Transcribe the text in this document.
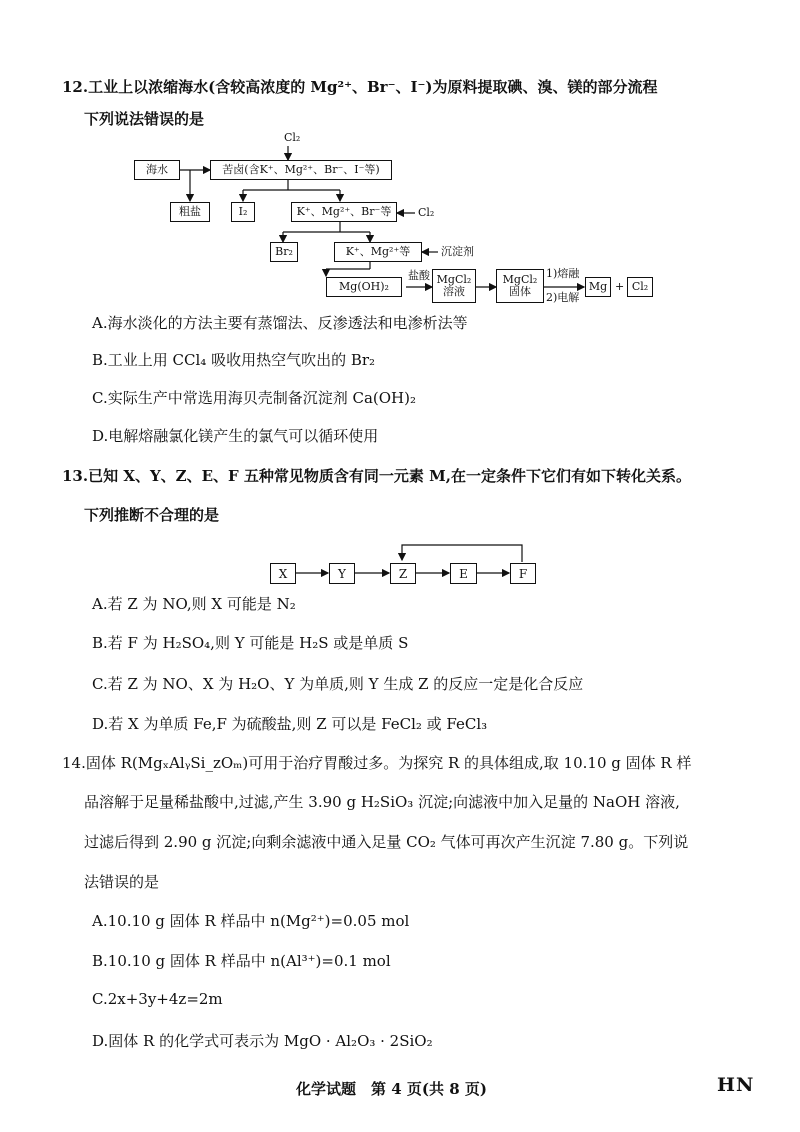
12.工业上以浓缩海水(含较高浓度的 Mg²⁺、Br⁻、I⁻)为原料提取碘、溴、镁的部分流程
下列说法错误的是
Cl₂
海水	苦卤(含K⁺、Mg²⁺、Br⁻、I⁻等)
粗盐	I₂	K⁺、Mg²⁺、Br⁻等	Cl₂
Br₂	K⁺、Mg²⁺等	沉淀剂
Mg(OH)₂
盐酸 MgCl₂
溶液
MgCl₂
固体
1)熔融
2)电解
Mg + Cl₂
A.海水淡化的方法主要有蒸馏法、反渗透法和电渗析法等
B.工业上用 CCl₄ 吸收用热空气吹出的 Br₂
C.实际生产中常选用海贝壳制备沉淀剂 Ca(OH)₂
D.电解熔融氯化镁产生的氯气可以循环使用
13.已知 X、Y、Z、E、F 五种常见物质含有同一元素 M,在一定条件下它们有如下转化关系。
下列推断不合理的是
X	Y	Z	E	F
A.若 Z 为 NO,则 X 可能是 N₂
B.若 F 为 H₂SO₄,则 Y 可能是 H₂S 或是单质 S
C.若 Z 为 NO、X 为 H₂O、Y 为单质,则 Y 生成 Z 的反应一定是化合反应
D.若 X 为单质 Fe,F 为硫酸盐,则 Z 可以是 FeCl₂ 或 FeCl₃
14.固体 R(MgₓAlᵧSi_zOₘ)可用于治疗胃酸过多。为探究 R 的具体组成,取 10.10 g 固体 R 样
品溶解于足量稀盐酸中,过滤,产生 3.90 g H₂SiO₃ 沉淀;向滤液中加入足量的 NaOH 溶液,
过滤后得到 2.90 g 沉淀;向剩余滤液中通入足量 CO₂ 气体可再次产生沉淀 7.80 g。下列说
法错误的是
A.10.10 g 固体 R 样品中 n(Mg²⁺)=0.05 mol
B.10.10 g 固体 R 样品中 n(Al³⁺)=0.1 mol
C.2x+3y+4z=2m
D.固体 R 的化学式可表示为 MgO · Al₂O₃ · 2SiO₂
化学试题　第 4 页(共 8 页)	HN
